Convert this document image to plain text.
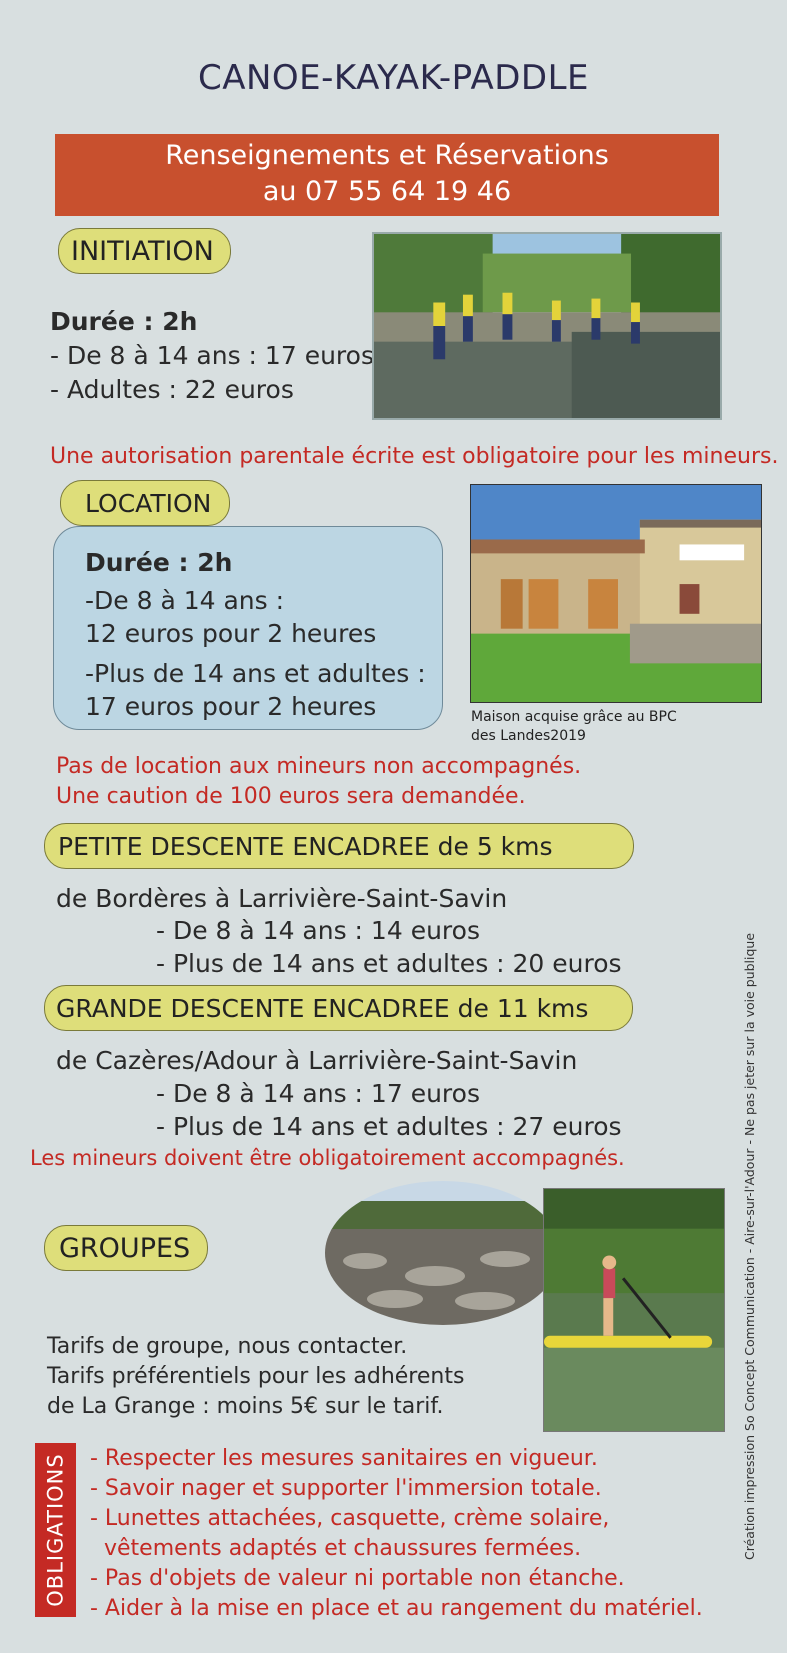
CANOE-KAYAK-PADDLE
Renseignements et Réservations
au 07 55 64 19 46
INITIATION
Durée : 2h
- De 8 à 14 ans : 17 euros
- Adultes : 22 euros
Une autorisation parentale écrite est obligatoire pour les mineurs.
LOCATION
Durée : 2h
-De 8 à 14 ans :
12 euros pour 2 heures
-Plus de 14 ans et adultes :
17 euros pour 2 heures	Maison acquise grâce au BPC
des Landes2019
Pas de location aux mineurs non accompagnés.
Une caution de 100 euros sera demandée.
PETITE DESCENTE ENCADREE de 5 kms
de Bordères à Larrivière-Saint-Savin
- De 8 à 14 ans : 14 euros
- Plus de 14 ans et adultes : 20 euros
GRANDE DESCENTE ENCADREE de 11 kms
de Cazères/Adour à Larrivière-Saint-Savin
- De 8 à 14 ans : 17 euros
- Plus de 14 ans et adultes : 27 euros
Les mineurs doivent être obligatoirement accompagnés.
GROUPES
Tarifs de groupe, nous contacter.
Tarifs préférentiels pour les adhérents
de La Grange : moins 5€ sur le tarif.
OBLIGATIONS - Respecter les mesures sanitaires en vigueur.
- Savoir nager et supporter l'immersion totale.
- Lunettes attachées, casquette, crème solaire,
vêtements adaptés et chaussures fermées.
- Pas d'objets de valeur ni portable non étanche.
- Aider à la mise en place et au rangement du matériel.
Création impression So Concept Communication - Aire-sur-l'Adour - Ne pas jeter sur la voie publique
